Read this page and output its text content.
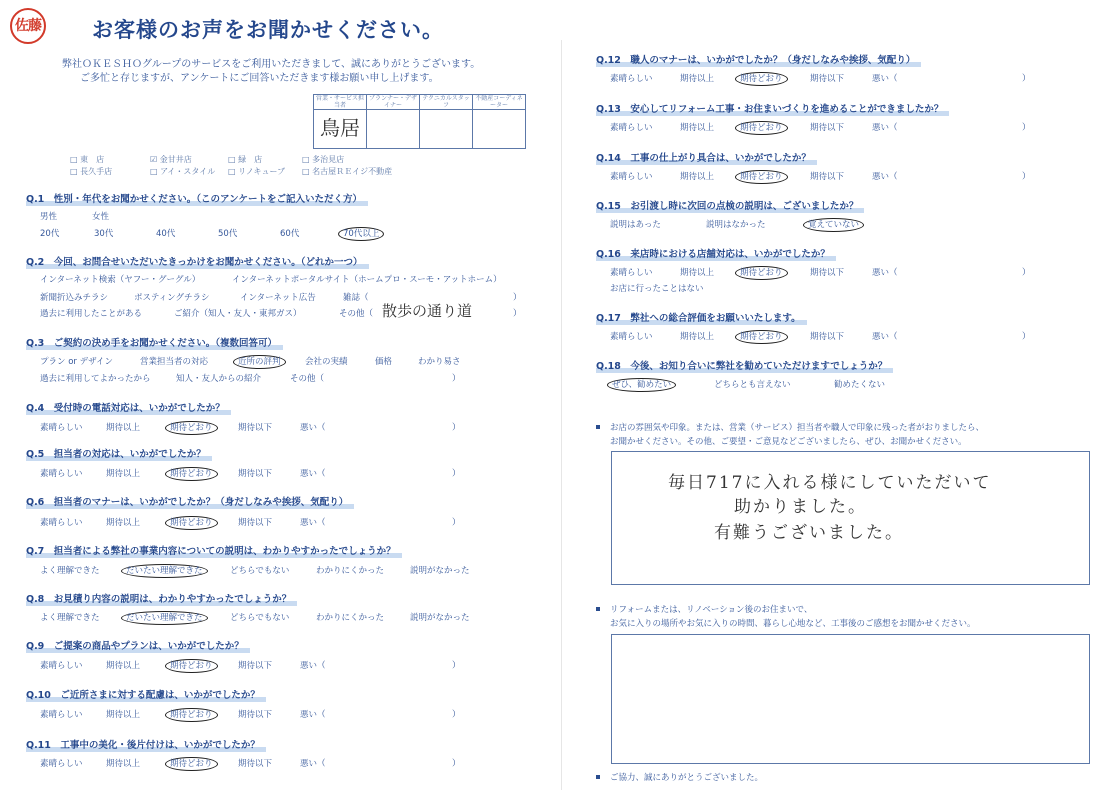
佐藤 お客様のお声をお聞かせください。
弊社ＯＫＥＳＨＯグループのサービスをご利用いただきまして、誠にありがとうございます。
ご多忙と存じますが、アンケートにご回答いただきます様お願い申し上げます。
営業・サービス担当者	プランナー・デザイナー	テクニカルスタッフ	不動産コーディネーター
鳥居			
□ 東　店	☑ 金甘井店	□ 緑　店	□ 多治見店
□ 長久手店	□ アイ・スタイル □ リノキューブ □ 名古屋ＲＥイジ不動産
Q.1　性別・年代をお聞かせください。（このアンケートをご記入いただく方）
男性	女性
20代	30代	40代	50代	60代	70代以上
Q.2　今回、お問合せいただいたきっかけをお聞かせください。（どれか一つ）
インターネット検索（ヤフー・グーグル）	インターネットポータルサイト（ホームプロ・スーモ・アットホーム）
新聞折込みチラシ	ポスティングチラシ	インターネット広告	雑誌（	）
過去に利用したことがある	ご紹介（知人・友人・東邦ガス）	その他（ 散歩の通り道	）
Q.3　ご契約の決め手をお聞かせください。（複数回答可）
プラン or デザイン	営業担当者の対応	近所の評判	会社の実績	価格	わかり易さ
過去に利用してよかったから	知人・友人からの紹介	その他（	）
Q.4　受付時の電話対応は、いかがでしたか？
素晴らしい	期待以上	期待どおり	期待以下	悪い（	）
Q.5　担当者の対応は、いかがでしたか？
素晴らしい	期待以上	期待どおり	期待以下	悪い（	）
Q.6　担当者のマナーは、いかがでしたか？（身だしなみや挨拶、気配り）
素晴らしい	期待以上	期待どおり	期待以下	悪い（	）
Q.7　担当者による弊社の事業内容についての説明は、わかりやすかったでしょうか？
よく理解できた	だいたい理解できた	どちらでもない	わかりにくかった	説明がなかった
Q.8　お見積り内容の説明は、わかりやすかったでしょうか？
よく理解できた	だいたい理解できた	どちらでもない	わかりにくかった	説明がなかった
Q.9　ご提案の商品やプランは、いかがでしたか？
素晴らしい	期待以上	期待どおり	期待以下	悪い（	）
Q.10　ご近所さまに対する配慮は、いかがでしたか？
素晴らしい	期待以上	期待どおり	期待以下	悪い（	）
Q.11　工事中の美化・後片付けは、いかがでしたか？
素晴らしい	期待以上	期待どおり	期待以下	悪い（	）
Q.12　職人のマナーは、いかがでしたか？（身だしなみや挨拶、気配り）
素晴らしい	期待以上	期待どおり	期待以下	悪い（	）
Q.13　安心してリフォーム工事・お住まいづくりを進めることができましたか？
素晴らしい	期待以上	期待どおり	期待以下	悪い（	）
Q.14　工事の仕上がり具合は、いかがでしたか？
素晴らしい	期待以上	期待どおり	期待以下	悪い（	）
Q.15　お引渡し時に次回の点検の説明は、ございましたか？
説明はあった	説明はなかった	覚えていない
Q.16　来店時における店舗対応は、いかがでしたか？
素晴らしい	期待以上	期待どおり	期待以下	悪い（	）
お店に行ったことはない
Q.17　弊社への総合評価をお願いいたします。
素晴らしい	期待以上	期待どおり	期待以下	悪い（	）
Q.18　今後、お知り合いに弊社を勧めていただけますでしょうか？
ぜひ、勧めたい	どちらとも言えない	勧めたくない
お店の雰囲気や印象。または、営業（サービス）担当者や職人で印象に残った者がおりましたら、
お聞かせください。その他、ご要望・ご意見などございましたら、ぜひ、お聞かせください。
毎日717に入れる様にしていただいて
助かりました。
有難うございました。
リフォームまたは、リノベーション後のお住まいで、
お気に入りの場所やお気に入りの時間、暮らし心地など、工事後のご感想をお聞かせください。
ご協力、誠にありがとうございました。
